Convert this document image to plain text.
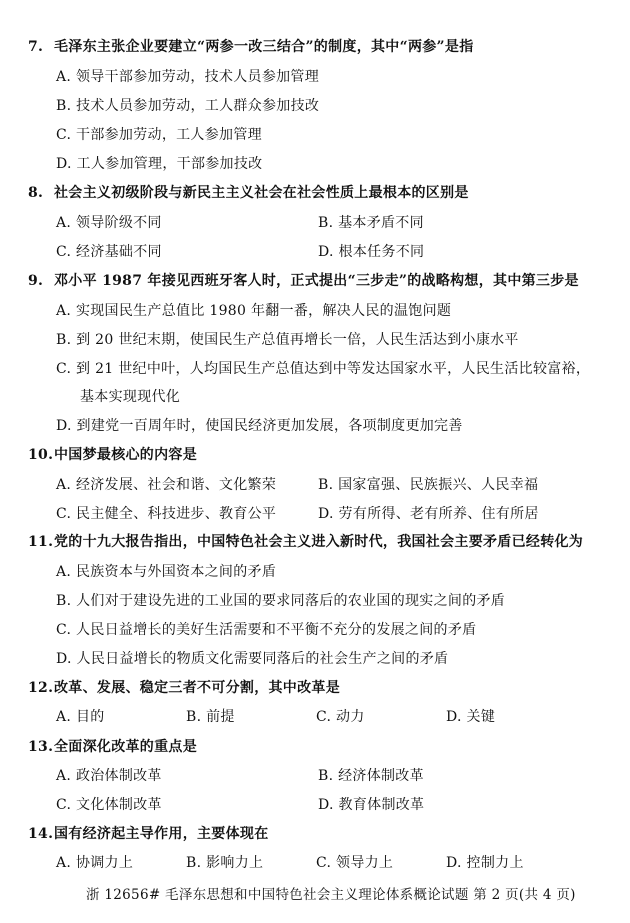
7. 毛泽东主张企业要建立“两参一改三结合”的制度，其中“两参”是指
A. 领导干部参加劳动，技术人员参加管理
B. 技术人员参加劳动，工人群众参加技改
C. 干部参加劳动，工人参加管理
D. 工人参加管理，干部参加技改
8. 社会主义初级阶段与新民主主义社会在社会性质上最根本的区别是
A. 领导阶级不同	B. 基本矛盾不同
C. 经济基础不同	D. 根本任务不同
9. 邓小平 1987 年接见西班牙客人时，正式提出“三步走”的战略构想，其中第三步是
A. 实现国民生产总值比 1980 年翻一番，解决人民的温饱问题
B. 到 20 世纪末期，使国民生产总值再增长一倍，人民生活达到小康水平
C. 到 21 世纪中叶，人均国民生产总值达到中等发达国家水平，人民生活比较富裕，
基本实现现代化
D. 到建党一百周年时，使国民经济更加发展，各项制度更加完善
10.中国梦最核心的内容是
A. 经济发展、社会和谐、文化繁荣	B. 国家富强、民族振兴、人民幸福
C. 民主健全、科技进步、教育公平	D. 劳有所得、老有所养、住有所居
11.党的十九大报告指出，中国特色社会主义进入新时代，我国社会主要矛盾已经转化为
A. 民族资本与外国资本之间的矛盾
B. 人们对于建设先进的工业国的要求同落后的农业国的现实之间的矛盾
C. 人民日益增长的美好生活需要和不平衡不充分的发展之间的矛盾
D. 人民日益增长的物质文化需要同落后的社会生产之间的矛盾
12.改革、发展、稳定三者不可分割，其中改革是
A. 目的	B. 前提	C. 动力	D. 关键
13.全面深化改革的重点是
A. 政治体制改革	B. 经济体制改革
C. 文化体制改革	D. 教育体制改革
14.国有经济起主导作用，主要体现在
A. 协调力上	B. 影响力上	C. 领导力上	D. 控制力上
浙 12656# 毛泽东思想和中国特色社会主义理论体系概论试题 第 2 页(共 4 页)
